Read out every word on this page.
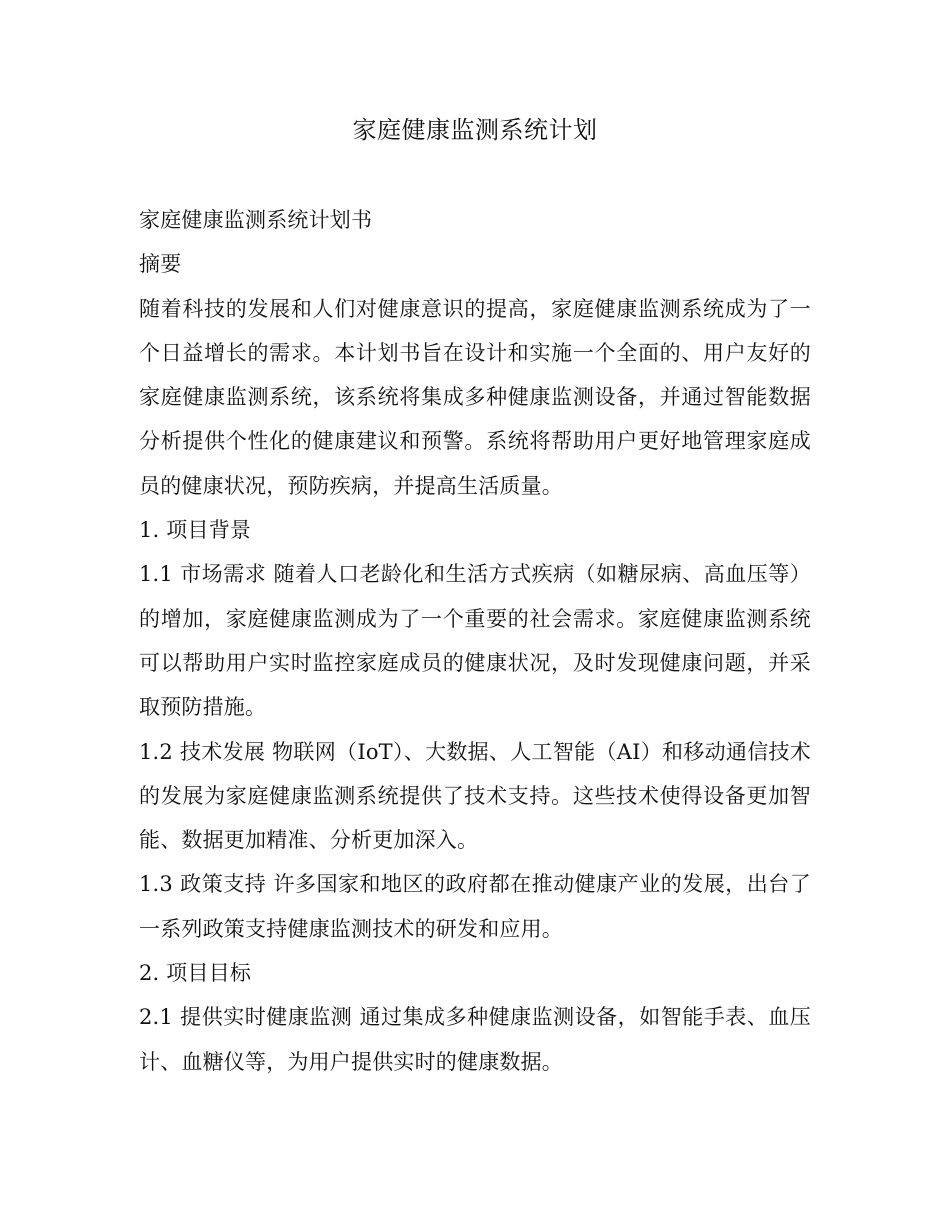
家庭健康监测系统计划

家庭健康监测系统计划书

摘要

随着科技的发展和人们对健康意识的提高，家庭健康监测系统成为了一个日益增长的需求。本计划书旨在设计和实施一个全面的、用户友好的家庭健康监测系统，该系统将集成多种健康监测设备，并通过智能数据分析提供个性化的健康建议和预警。系统将帮助用户更好地管理家庭成员的健康状况，预防疾病，并提高生活质量。

1. 项目背景

1.1 市场需求 随着人口老龄化和生活方式疾病（如糖尿病、高血压等）的增加，家庭健康监测成为了一个重要的社会需求。家庭健康监测系统可以帮助用户实时监控家庭成员的健康状况，及时发现健康问题，并采取预防措施。

1.2 技术发展 物联网（IoT）、大数据、人工智能（AI）和移动通信技术的发展为家庭健康监测系统提供了技术支持。这些技术使得设备更加智能、数据更加精准、分析更加深入。

1.3 政策支持 许多国家和地区的政府都在推动健康产业的发展，出台了一系列政策支持健康监测技术的研发和应用。

2. 项目目标

2.1 提供实时健康监测 通过集成多种健康监测设备，如智能手表、血压计、血糖仪等，为用户提供实时的健康数据。
